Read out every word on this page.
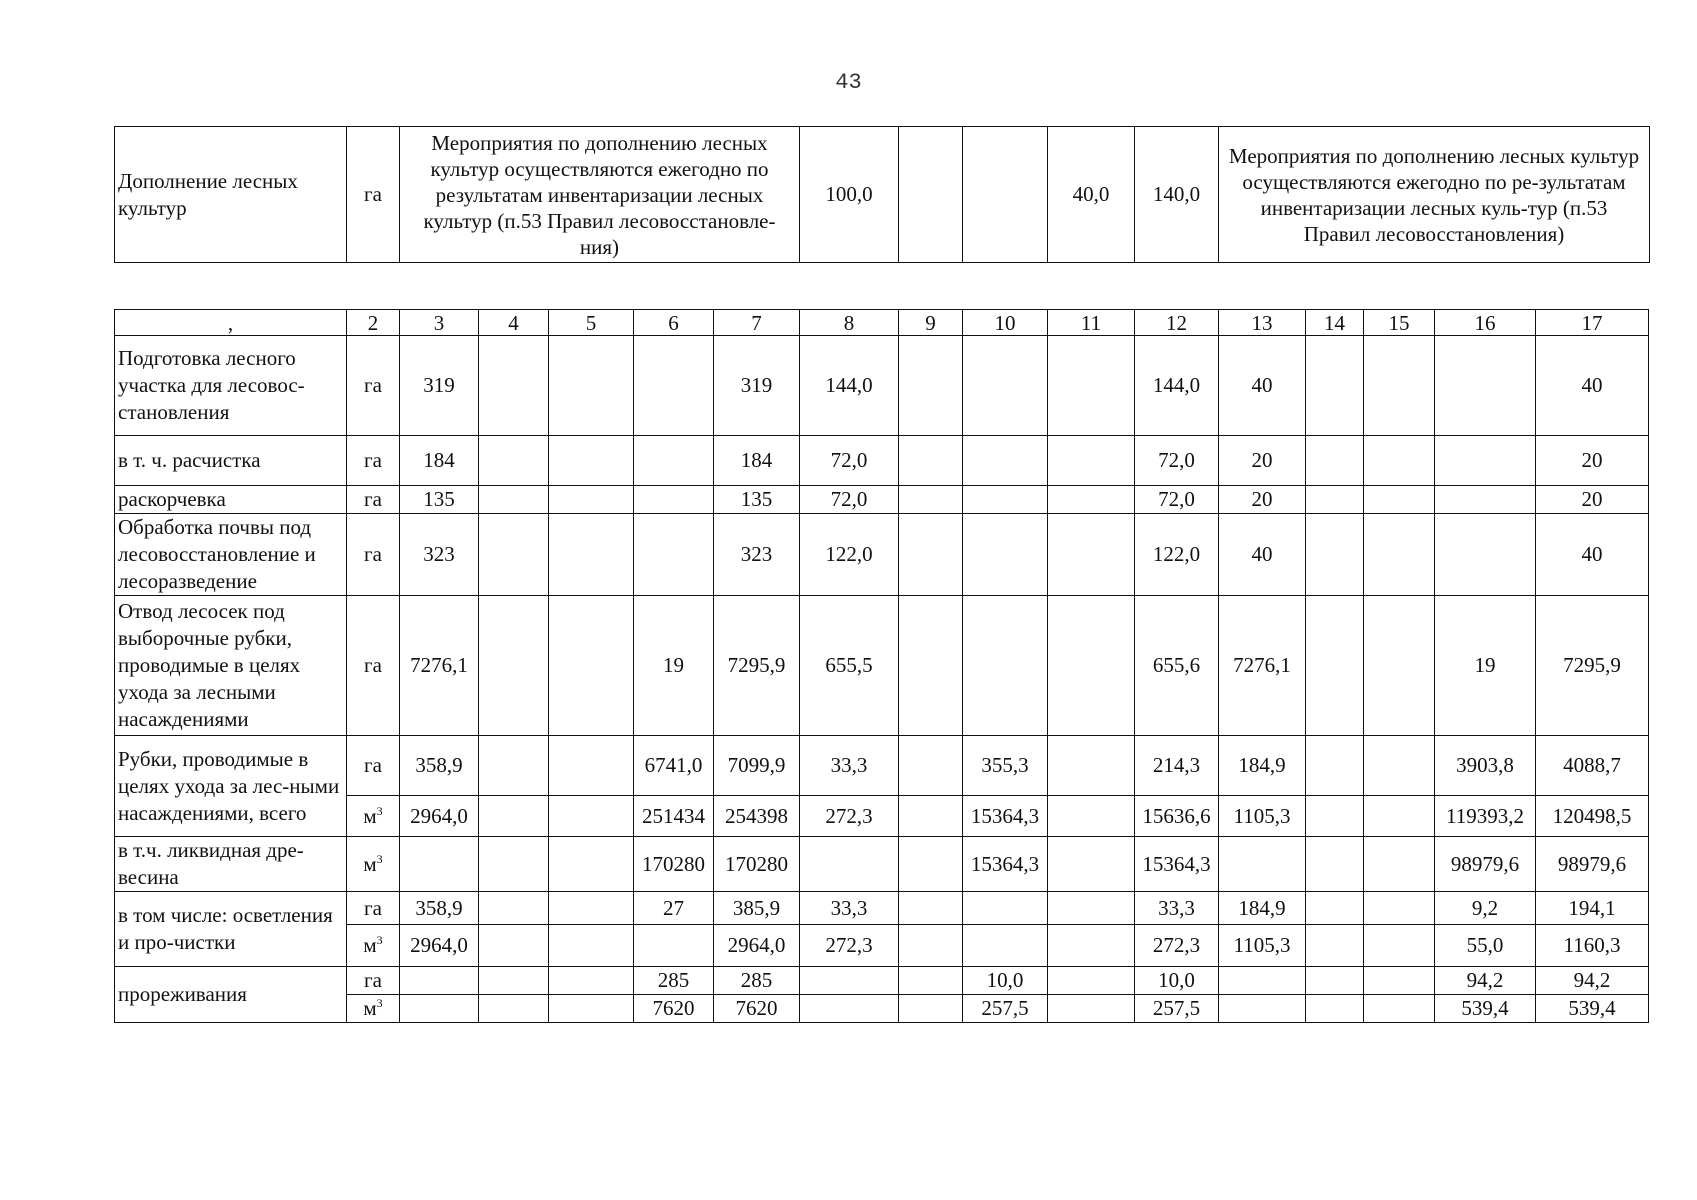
43
Дополнение лесных культур	га	Мероприятия по дополнению лесных культур осуществляются ежегодно по результатам инвентаризации лесных культур (п.53 Правил лесовосстановле-ния)	100,0			40,0	140,0	Мероприятия по дополнению лесных культур осуществляются ежегодно по ре-зультатам инвентаризации лесных куль-тур (п.53 Правил лесовосстановления)
,	2	3	4	5	6	7	8	9	10	11	12	13	14	15	16	17
Подготовка лесного участка для лесовос-становления	га	319				319	144,0				144,0	40				40
в т. ч. расчистка	га	184				184	72,0				72,0	20				20
раскорчевка	га	135				135	72,0				72,0	20				20
Обработка почвы под лесовосстановление и лесоразведение	га	323				323	122,0				122,0	40				40
Отвод лесосек под выборочные рубки, проводимые в целях ухода за лесными насаждениями	га	7276,1			19	7295,9	655,5				655,6	7276,1			19	7295,9
Рубки, проводимые в целях ухода за лес-ными насаждениями, всего	га	358,9			6741,0	7099,9	33,3		355,3		214,3	184,9			3903,8	4088,7
	$м^3$	2964,0			251434	254398	272,3		15364,3		15636,6	1105,3			119393,2	120498,5
в т.ч. ликвидная дре-весина	$м^3$				170280	170280			15364,3		15364,3				98979,6	98979,6
в том числе: осветления и про-чистки	га	358,9			27	385,9	33,3				33,3	184,9			9,2	194,1
	$м^3$	2964,0				2964,0	272,3				272,3	1105,3			55,0	1160,3
прореживания	га				285	285			10,0		10,0				94,2	94,2
	$м^3$				7620	7620			257,5		257,5				539,4	539,4
